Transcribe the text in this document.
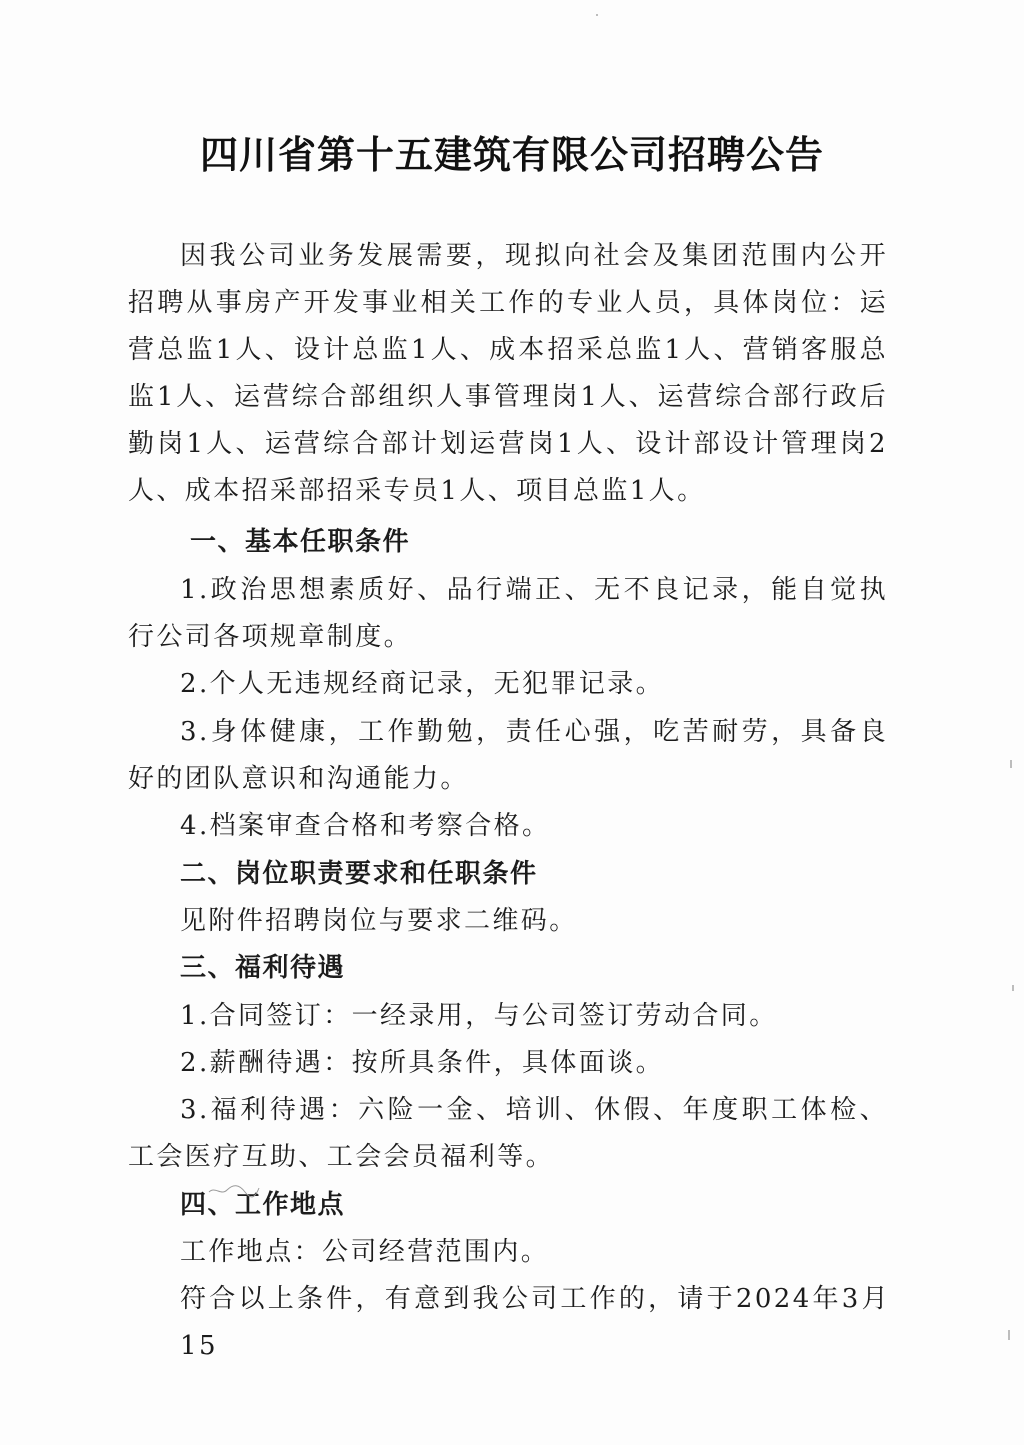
四川省第十五建筑有限公司招聘公告

因我公司业务发展需要，现拟向社会及集团范围内公开招聘从事房产开发事业相关工作的专业人员，具体岗位：运营总监1人、设计总监1人、成本招采总监1人、营销客服总监1人、运营综合部组织人事管理岗1人、运营综合部行政后勤岗1人、运营综合部计划运营岗1人、设计部设计管理岗2人、成本招采部招采专员1人、项目总监1人。

一、基本任职条件

1.政治思想素质好、品行端正、无不良记录，能自觉执行公司各项规章制度。

2.个人无违规经商记录，无犯罪记录。

3.身体健康，工作勤勉，责任心强，吃苦耐劳，具备良好的团队意识和沟通能力。

4.档案审查合格和考察合格。

二、岗位职责要求和任职条件

见附件招聘岗位与要求二维码。

三、福利待遇

1.合同签订：一经录用，与公司签订劳动合同。

2.薪酬待遇：按所具条件，具体面谈。

3.福利待遇：六险一金、培训、休假、年度职工体检、工会医疗互助、工会会员福利等。

四、工作地点

工作地点：公司经营范围内。

符合以上条件，有意到我公司工作的，请于2024年3月15
